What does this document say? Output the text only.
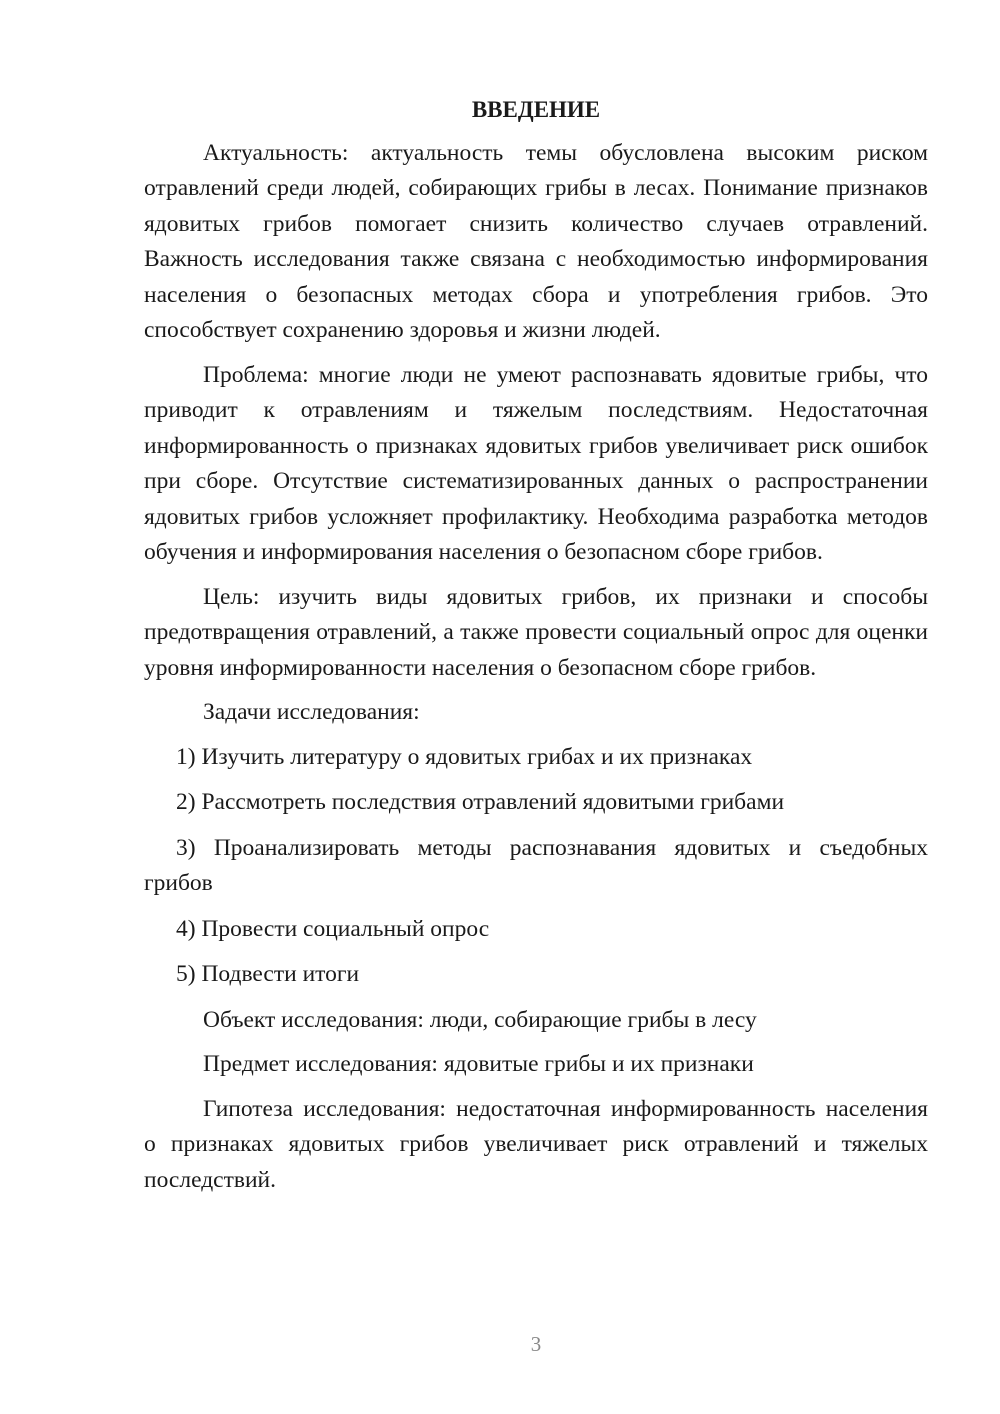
ВВЕДЕНИЕ

Актуальность: актуальность темы обусловлена высоким риском отравлений среди людей, собирающих грибы в лесах. Понимание признаков ядовитых грибов помогает снизить количество случаев отравлений. Важность исследования также связана с необходимостью информирования населения о безопасных методах сбора и употребления грибов. Это способствует сохранению здоровья и жизни людей.

Проблема: многие люди не умеют распознавать ядовитые грибы, что приводит к отравлениям и тяжелым последствиям. Недостаточная информированность о признаках ядовитых грибов увеличивает риск ошибок при сборе. Отсутствие систематизированных данных о распространении ядовитых грибов усложняет профилактику. Необходима разработка методов обучения и информирования населения о безопасном сборе грибов.

Цель: изучить виды ядовитых грибов, их признаки и способы предотвращения отравлений, а также провести социальный опрос для оценки уровня информированности населения о безопасном сборе грибов.

Задачи исследования:

1) Изучить литературу о ядовитых грибах и их признаках

2) Рассмотреть последствия отравлений ядовитыми грибами

3) Проанализировать методы распознавания ядовитых и съедобных грибов

4) Провести социальный опрос

5) Подвести итоги

Объект исследования: люди, собирающие грибы в лесу

Предмет исследования: ядовитые грибы и их признаки

Гипотеза исследования: недостаточная информированность населения о признаках ядовитых грибов увеличивает риск отравлений и тяжелых последствий.

3
